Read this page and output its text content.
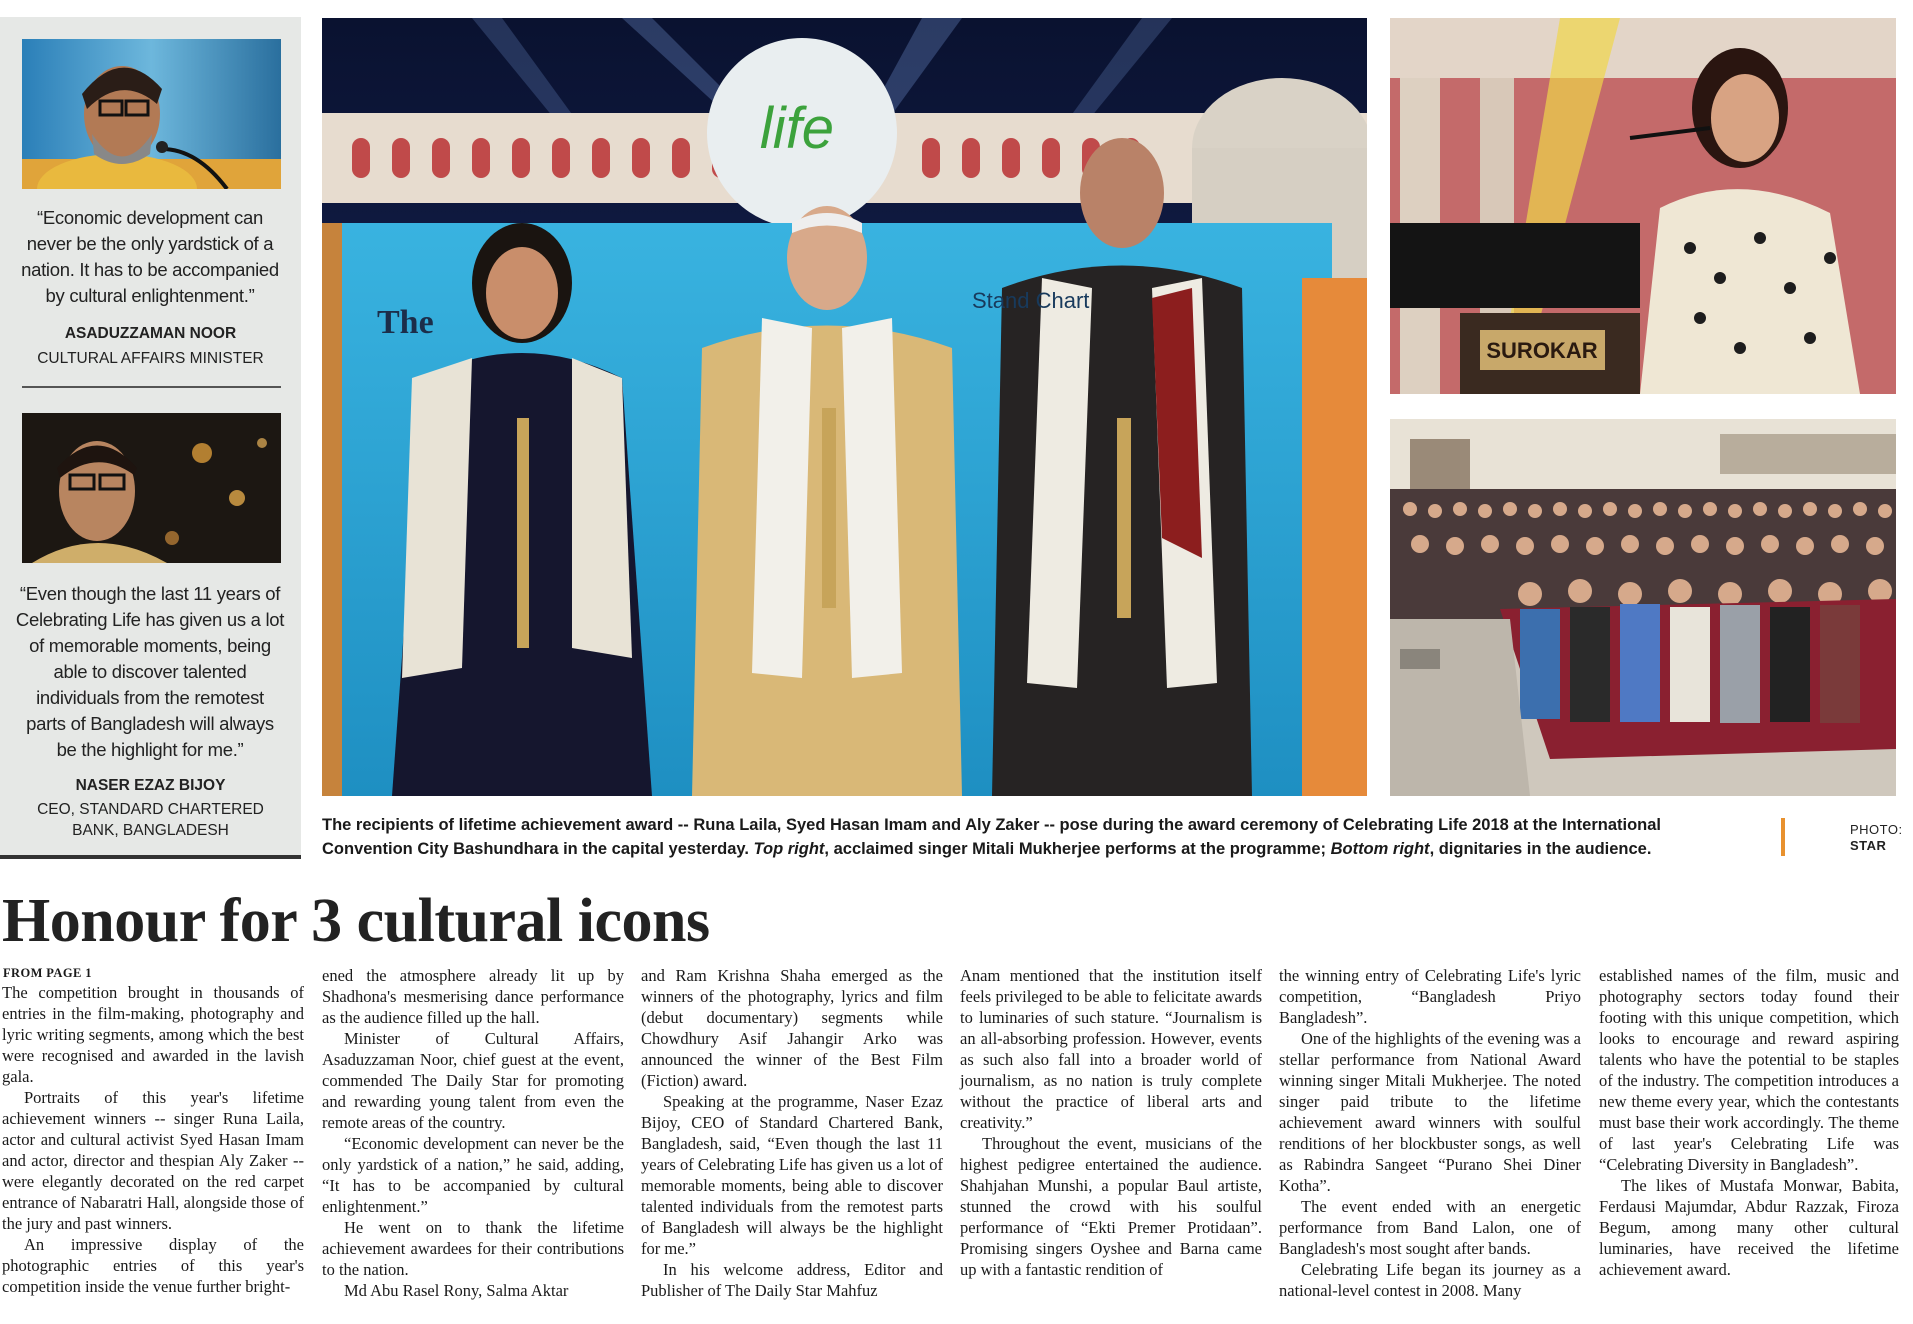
“Economic development can never be the only yardstick of a nation. It has to be accompanied by cultural enlightenment.”
ASADUZZAMAN NOOR
CULTURAL AFFAIRS MINISTER
“Even though the last 11 years of Celebrating Life has given us a lot of memorable moments, being able to discover talented individuals from the remotest parts of Bangladesh will always be the highlight for me.”
NASER EZAZ BIJOY
CEO, STANDARD CHARTERED BANK, BANGLADESH
life
The
Stand Chart
SUROKAR
The recipients of lifetime achievement award -- Runa Laila, Syed Hasan Imam and Aly Zaker -- pose during the award ceremony of Celebrating Life 2018 at the International Convention City Bashundhara in the capital yesterday. Top right, acclaimed singer Mitali Mukherjee performs at the programme; Bottom right, dignitaries in the audience.
PHOTO:
STAR
Honour for 3 cultural icons
FROM PAGE 1

The competition brought in thousands of entries in the film-making, photography and lyric writing segments, among which the best were recognised and awarded in the lavish gala.

Portraits of this year's lifetime achievement winners -- singer Runa Laila, actor and cultural activist Syed Hasan Imam and actor, director and thespian Aly Zaker -- were elegantly decorated on the red carpet entrance of Nabaratri Hall, alongside those of the jury and past winners.

An impressive display of the photographic entries of this year's competition inside the venue further bright-

ened the atmosphere already lit up by Shadhona's mesmerising dance performance as the audience filled up the hall.

Minister of Cultural Affairs, Asaduzzaman Noor, chief guest at the event, commended The Daily Star for promoting and rewarding young talent from even the remote areas of the country.

“Economic development can never be the only yardstick of a nation,” he said, adding, “It has to be accompanied by cultural enlightenment.”

He went on to thank the lifetime achievement awardees for their contributions to the nation.

Md Abu Rasel Rony, Salma Aktar

and Ram Krishna Shaha emerged as the winners of the photography, lyrics and film (debut documentary) segments while Chowdhury Asif Jahangir Arko was announced the winner of the Best Film (Fiction) award.

Speaking at the programme, Naser Ezaz Bijoy, CEO of Standard Chartered Bank, Bangladesh, said, “Even though the last 11 years of Celebrating Life has given us a lot of memorable moments, being able to discover talented individuals from the remotest parts of Bangladesh will always be the highlight for me.”

In his welcome address, Editor and Publisher of The Daily Star Mahfuz

Anam mentioned that the institution itself feels privileged to be able to felicitate awards to luminaries of such stature. “Journalism is an all-absorbing profession. However, events as such also fall into a broader world of journalism, as no nation is truly complete without the practice of liberal arts and creativity.”

Throughout the event, musicians of the highest pedigree entertained the audience. Shahjahan Munshi, a popular Baul artiste, stunned the crowd with his soulful performance of “Ekti Premer Protidaan”. Promising singers Oyshee and Barna came up with a fantastic rendition of

the winning entry of Celebrating Life's lyric competition, “Bangladesh Priyo Bangladesh”.

One of the highlights of the evening was a stellar performance from National Award winning singer Mitali Mukherjee. The noted singer paid tribute to the lifetime achievement award winners with soulful renditions of her blockbuster songs, as well as Rabindra Sangeet “Purano Shei Diner Kotha”.

The event ended with an energetic performance from Band Lalon, one of Bangladesh's most sought after bands.

Celebrating Life began its journey as a national-level contest in 2008. Many

established names of the film, music and photography sectors today found their footing with this unique competition, which looks to encourage and reward aspiring talents who have the potential to be staples of the industry. The competition introduces a new theme every year, which the contestants must base their work accordingly. The theme of last year's Celebrating Life was “Celebrating Diversity in Bangladesh”.

The likes of Mustafa Monwar, Babita, Ferdausi Majumdar, Abdur Razzak, Firoza Begum, among many other cultural luminaries, have received the lifetime achievement award.
